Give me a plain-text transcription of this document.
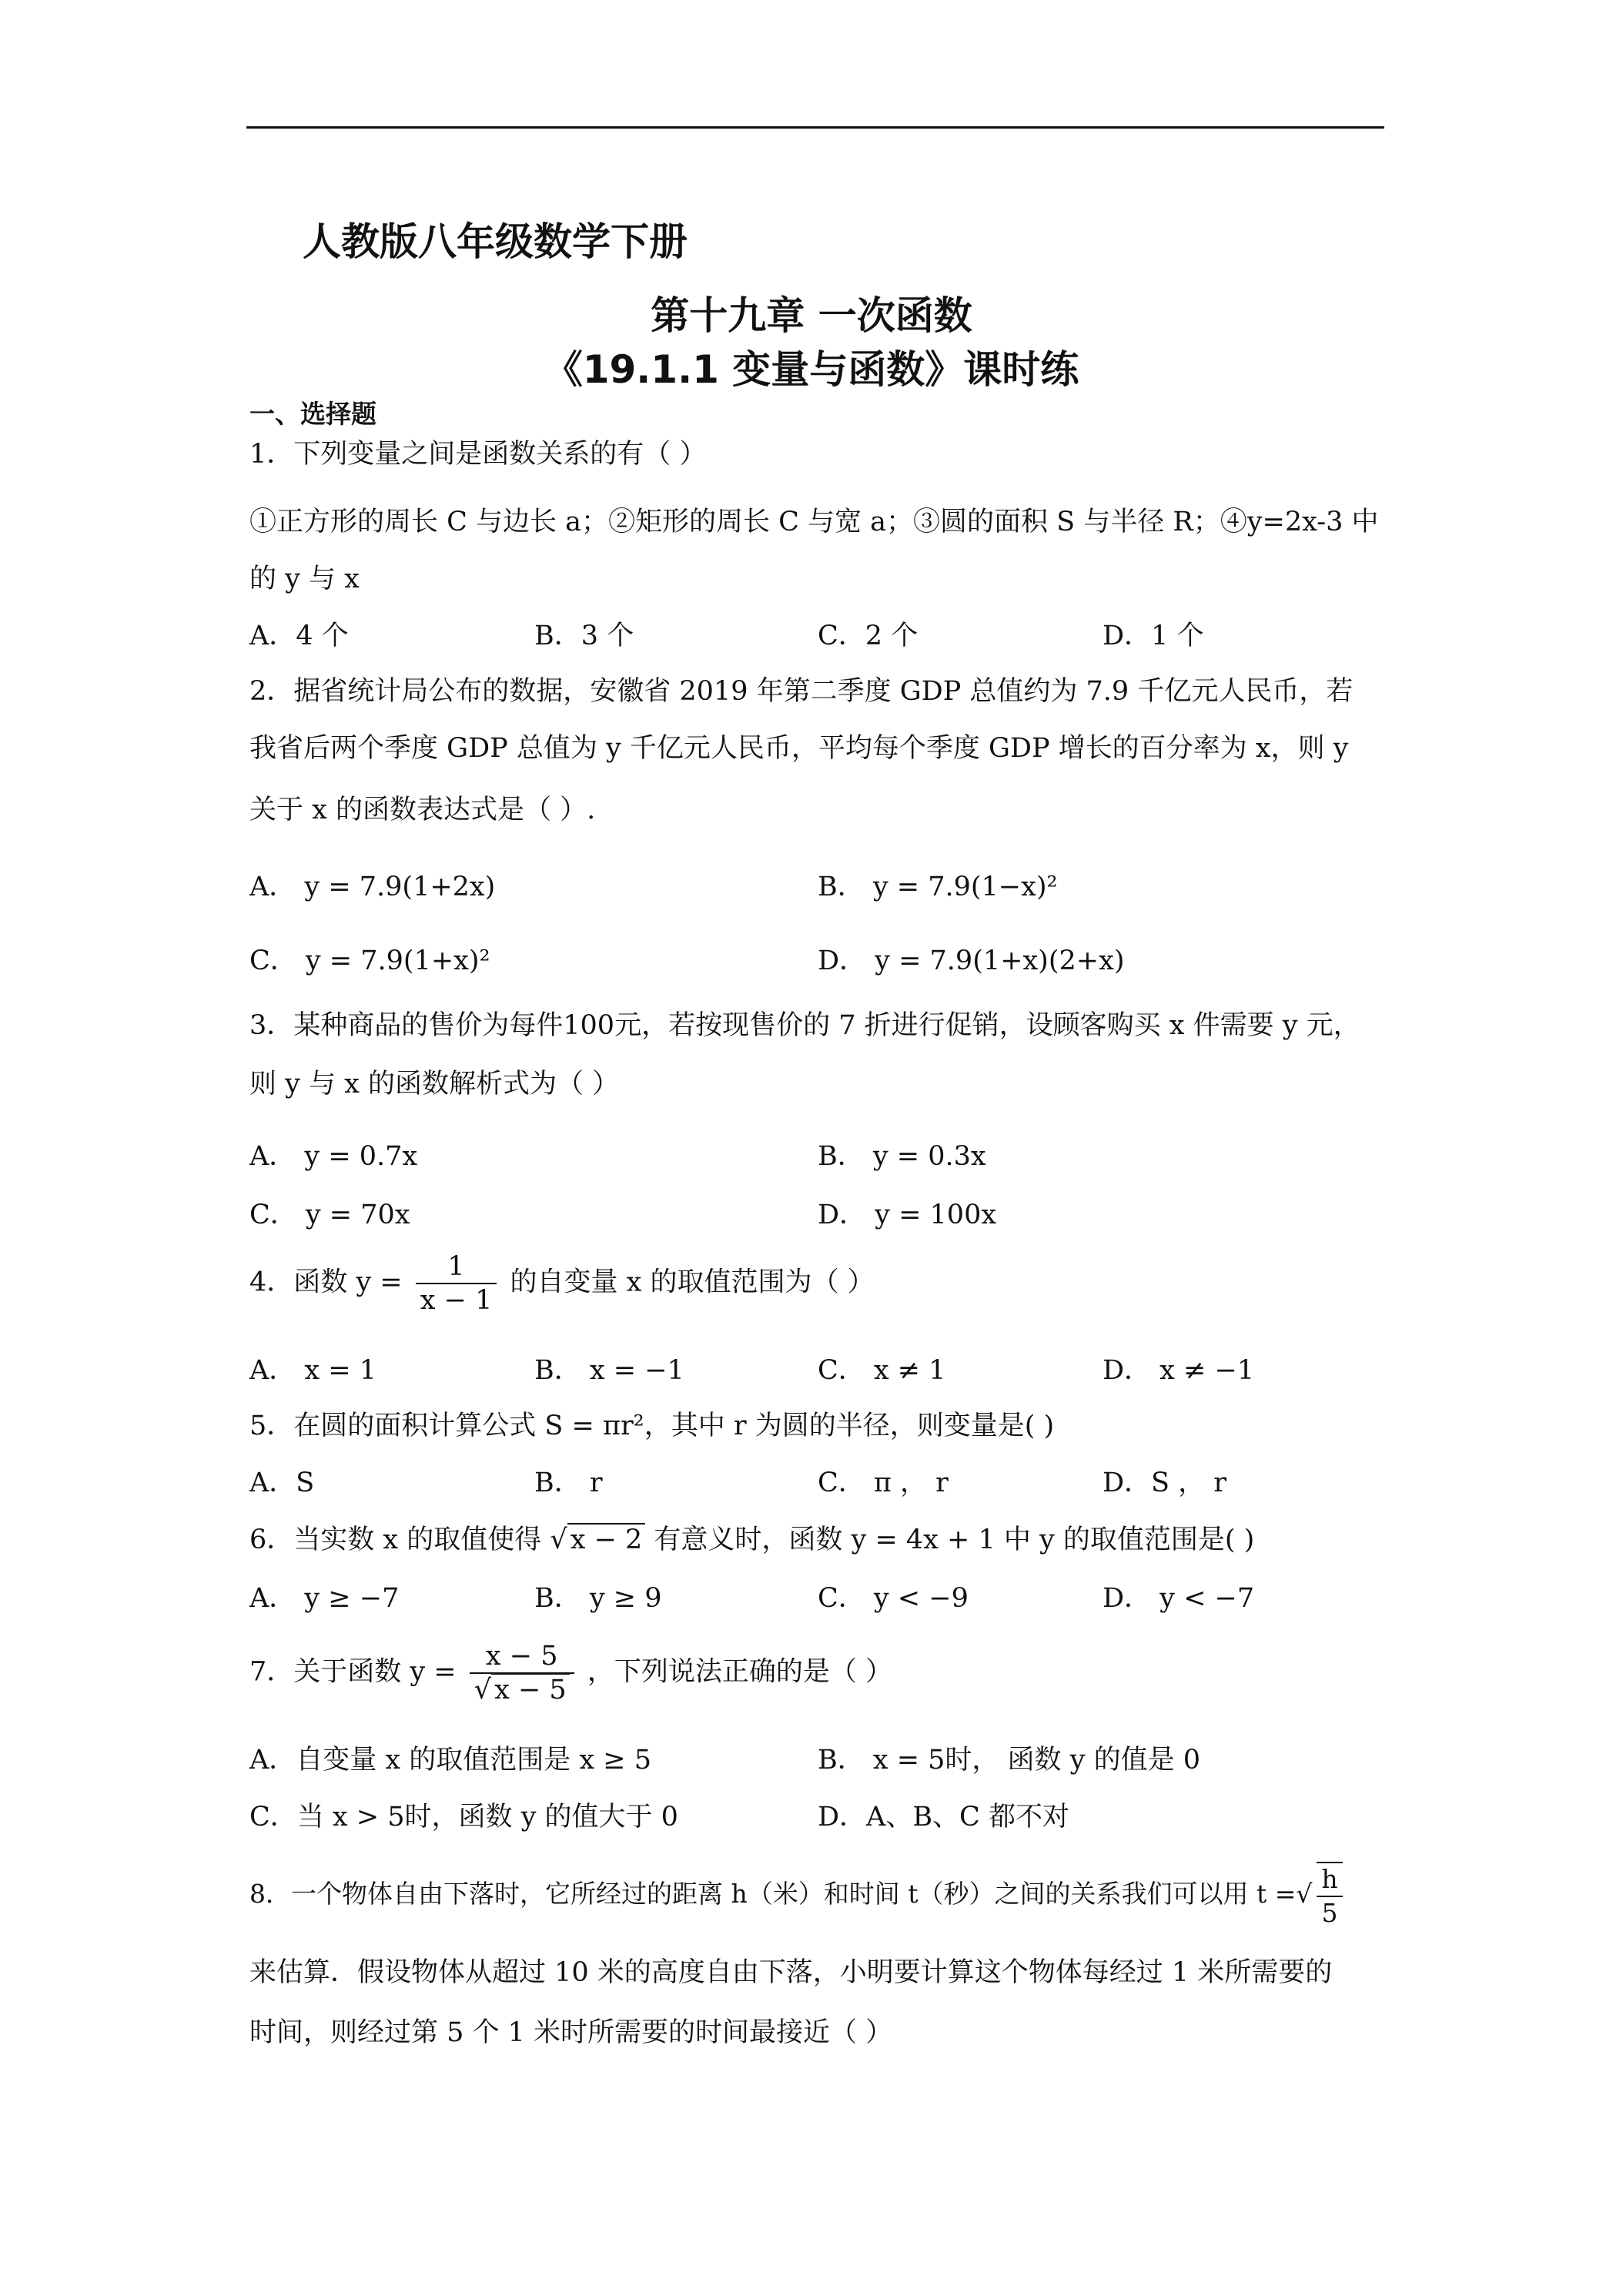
人教版八年级数学下册
第十九章 一次函数
《19.1.1 变量与函数》课时练
一、选择题
1．下列变量之间是函数关系的有（ ）
①正方形的周长 C 与边长 a；②矩形的周长 C 与宽 a；③圆的面积 S 与半径 R；④y=2x-3 中
的 y 与 x
A．4 个	B．3 个	C．2 个	D．1 个
2．据省统计局公布的数据，安徽省 2019 年第二季度 GDP 总值约为 7.9 千亿元人民币，若
我省后两个季度 GDP 总值为 y 千亿元人民币，平均每个季度 GDP 增长的百分率为 x，则 y
关于 x 的函数表达式是（ ）.
A． y = 7.9(1+2x)	B． y = 7.9(1−x)²
C． y = 7.9(1+x)²	D． y = 7.9(1+x)(2+x)
3．某种商品的售价为每件100元，若按现售价的 7 折进行促销，设顾客购买 x 件需要 y 元，
则 y 与 x 的函数解析式为（ ）
A． y = 0.7x	B． y = 0.3x
C． y = 70x	D． y = 100x
4．函数 $y = \frac{1}{x - 1}$ 的自变量 x 的取值范围为（ ）
A． x = 1	B． x = −1	C． x ≠ 1	D． x ≠ −1
5．在圆的面积计算公式 S = πr²，其中 r 为圆的半径，则变量是( )
A．S	B． r	C． π ， r	D．S ， r
6．当实数 x 的取值使得 √ x − 2 有意义时，函数 y = 4x + 1 中 y 的取值范围是( )
A． y ≥ −7	B． y ≥ 9	C． y < −9	D． y < −7
7．关于函数 $y = \frac{x - 5}{√ x - 5}$ ，下列说法正确的是（ ）
A．自变量 x 的取值范围是 x ≥ 5	B． x = 5时， 函数 y 的值是 0
C．当 x > 5时，函数 y 的值大于 0	D．A、B、C 都不对
8．一个物体自由下落时，它所经过的距离 h（米）和时间 t（秒）之间的关系我们可以用 t =√ $\frac{h}{5}$
来估算．假设物体从超过 10 米的高度自由下落，小明要计算这个物体每经过 1 米所需要的
时间，则经过第 5 个 1 米时所需要的时间最接近（ ）
